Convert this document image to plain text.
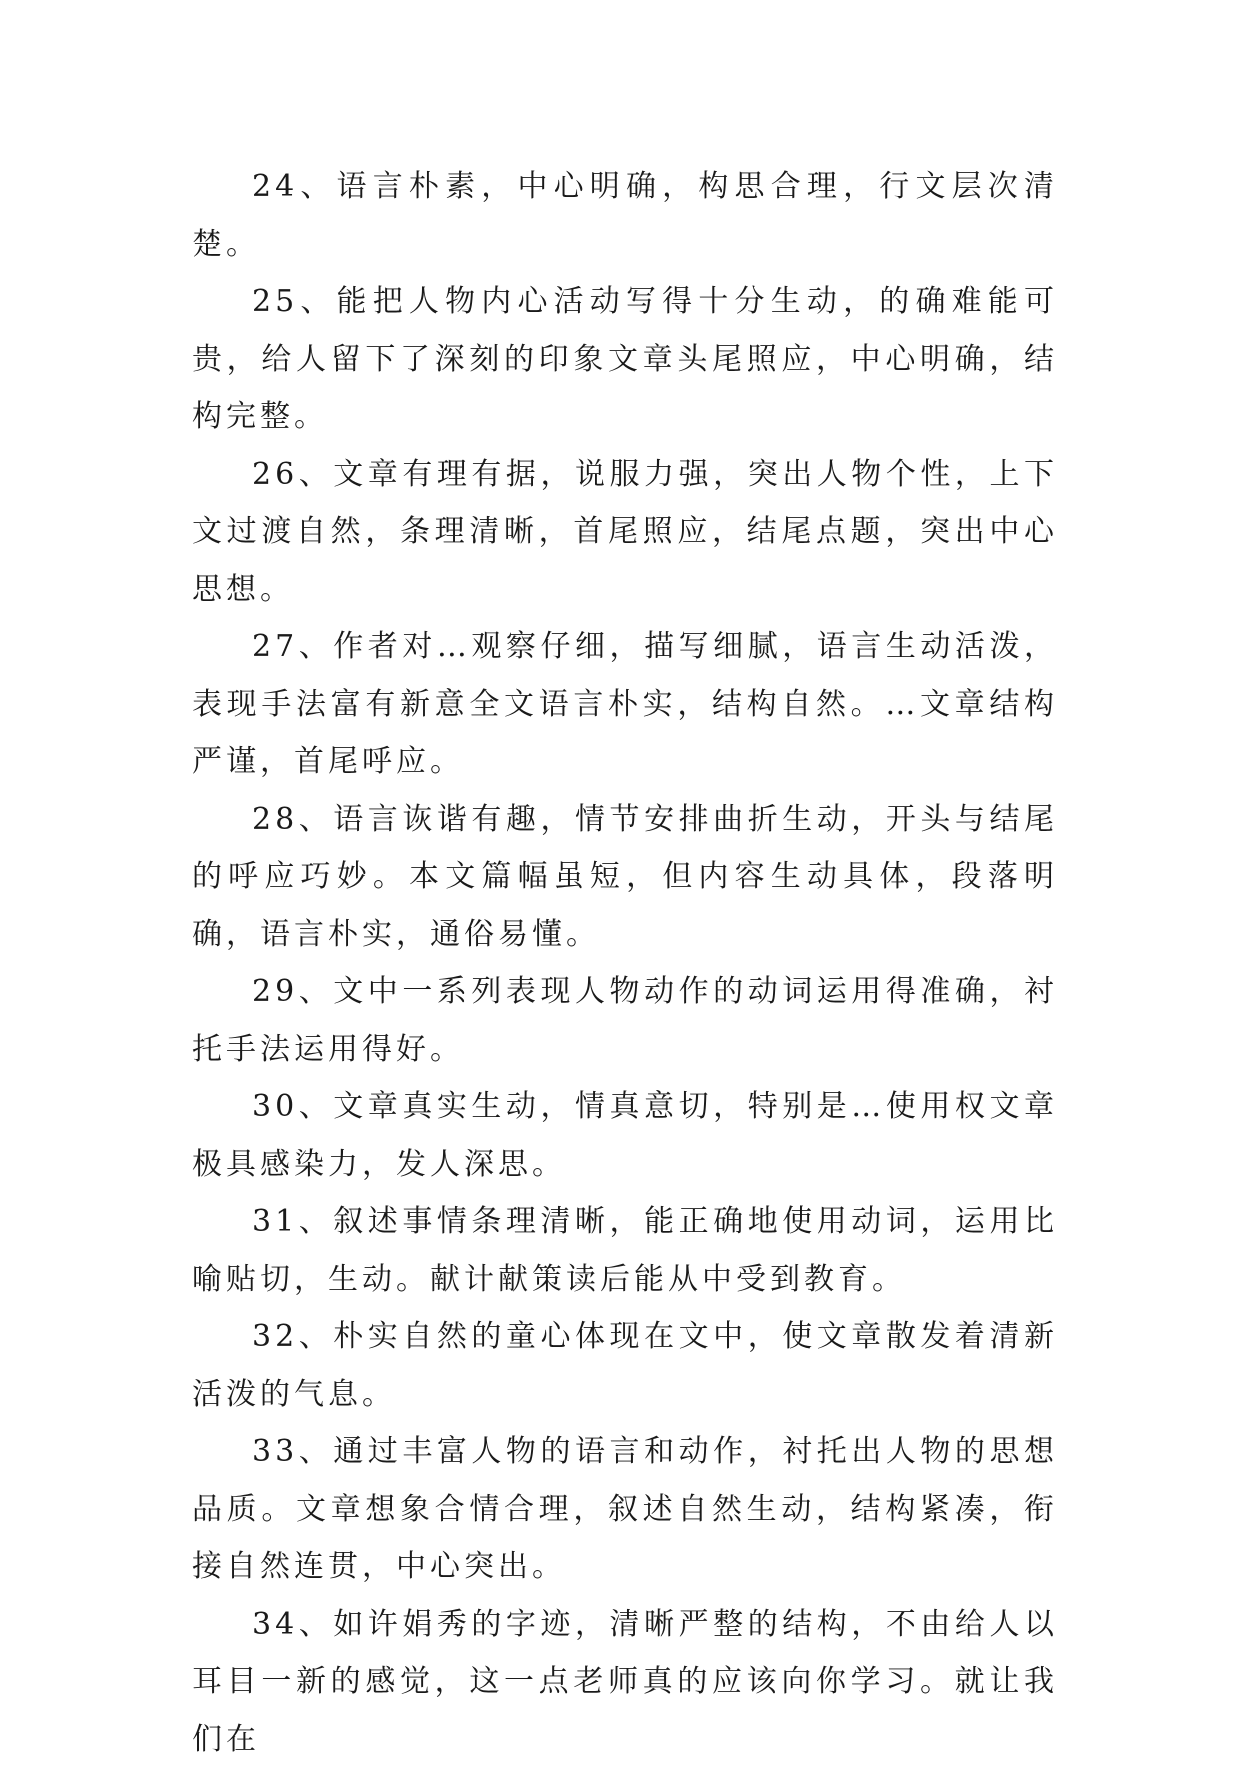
24、语言朴素，中心明确，构思合理，行文层次清楚。

25、能把人物内心活动写得十分生动，的确难能可贵，给人留下了深刻的印象文章头尾照应，中心明确，结构完整。

26、文章有理有据，说服力强，突出人物个性，上下文过渡自然，条理清晰，首尾照应，结尾点题，突出中心思想。

27、作者对…观察仔细，描写细腻，语言生动活泼，表现手法富有新意全文语言朴实，结构自然。…文章结构严谨，首尾呼应。

28、语言诙谐有趣，情节安排曲折生动，开头与结尾的呼应巧妙。本文篇幅虽短，但内容生动具体，段落明确，语言朴实，通俗易懂。

29、文中一系列表现人物动作的动词运用得准确，衬托手法运用得好。

30、文章真实生动，情真意切，特别是…使用权文章极具感染力，发人深思。

31、叙述事情条理清晰，能正确地使用动词，运用比喻贴切，生动。献计献策读后能从中受到教育。

32、朴实自然的童心体现在文中，使文章散发着清新活泼的气息。

33、通过丰富人物的语言和动作，衬托出人物的思想品质。文章想象合情合理，叙述自然生动，结构紧凑，衔接自然连贯，中心突出。

34、如许娟秀的字迹，清晰严整的结构，不由给人以耳目一新的感觉，这一点老师真的应该向你学习。就让我们在
